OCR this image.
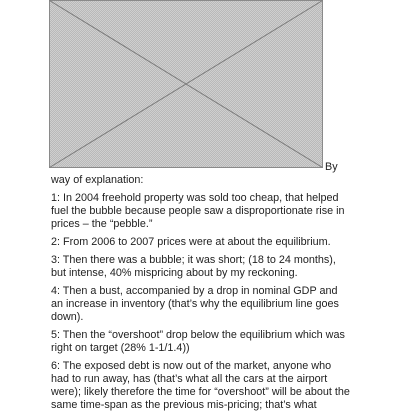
By

way of explanation:

1: In 2004 freehold property was sold too cheap, that helped fuel the bubble because people saw a disproportionate rise in prices – the “pebble.”

2: From 2006 to 2007 prices were at about the equilibrium.

3: Then there was a bubble; it was short; (18 to 24 months), but intense, 40% mispricing about by my reckoning.

4: Then a bust, accompanied by a drop in nominal GDP and an increase in inventory (that’s why the equilibrium line goes down).

5: Then the “overshoot” drop below the equilibrium which was right on target (28% 1-1/1.4))

6: The exposed debt is now out of the market, anyone who had to run away, has (that’s what all the cars at the airport were); likely therefore the time for “overshoot” will be about the same time-span as the previous mis-pricing; that’s what
